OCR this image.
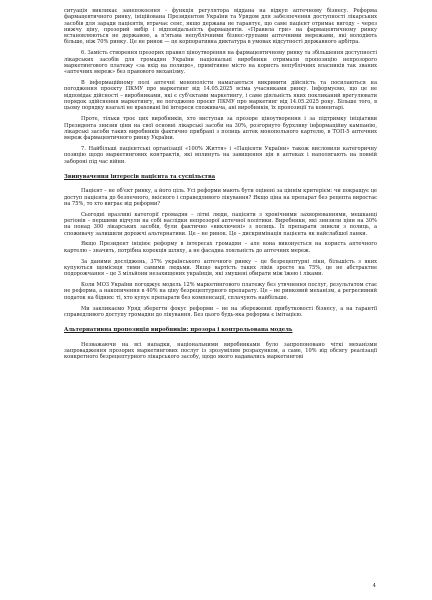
ситуація викликає занепокоєння - функція регулятора віддана на відкуп аптечному бізнесу. Реформа фармацевтичного ринку, ініційована Президентом України та Урядом для забезпечення доступності лікарських засобів для заради пацієнтів, втрачає сенс, якщо держава не гарантує, що саме пацієнт отримає вигоду – через нижчу ціну, прозорий вибір і відповідальність фармацевтів. «Правила гри» на фармацевтичному ринку встановлюються не державою, а п'ятьма непублічними бізнес-групами аптечними мережами, які володіють більше, ніж 70% ринку. Це не ринок — це корпоративна диктатура в умовах відсутності державного арбітра.

6. Замість створення прозорих правил ціноутворення на фармацевтичному ринку та збільшення доступності лікарських засобів для громадян України національні виробники отримали пропозицію непрозорого маркетингового платежу «за вхід на полицю», примітивне місто на користь непублічних власників так званих «аптечних мереж» без правового механізму.

В інформаційному полі аптечні монополісти намагаються викривити дійсність та посилаються на погодження проєкту ПКМУ про маркетинг від 14.05.2025 всіма учасниками ринку. Інформуємо, що це не відповідає дійсності – виробниками, які є суб'єктами маркетингу, і саме діяльність яких покликаний врегулювати порядок здійснення маркетингу, не погоджено проєкт ПКМУ про маркетинг від 14.05.2025 року. Більше того, в цьому порядку взагалі не враховані їні інтереси споживача, ані виробників, їх пропозиції та коментарі.

Проте, тільки троє цих виробників, хто виступав за прозоре ціноутворення і за підтримку ініціативи Президента знизив ціни на свої основні лікарські засоби на 30%, розгорнуто бурхливу інформаційну кампанію, лікарські засоби таких виробників фактично прибрані з полиць аптек монопольного картелю, в ТОП-5 аптечних мереж фармацевтичного ринку України.

7. Найбільші пацієнтські організації «100% Життя» і «Пацієнти України» також висловили категоричну позицію щодо маркетингових контрактів, які вплинуть на завищення цін в аптеках і наполягають на повній забороні під час війни.

Звинувачення інтересів пацієнта та суспільства

Пацієнт – не об'єкт ринку, а його ціль. Усі реформи мають бути оцінені за ціннім критерієм: чи покращує це доступ пацієнта до безпечного, якісного і справедливого лікування? Якщо ціна на препарат без рецепта виростає на 75%, то хто виграє від реформи?

Сьогодні вразливі категорії громадян – літні люди, пацієнти з хронічними захворюваннями, мешканці регіонів – першими відчули на собі наслідки непрозорої аптечної політики. Виробники, які знизили ціни на 30% на понад 300 лікарських засобів, були фактично «виключені» з полиць. Їх препарати зникли з полиць, а споживачу залишили дорожчі альтернативи. Це – не ринок. Це – дискримінація пацієнта як найслабшої ланки.

Якщо Президент ініціює реформу в інтересах громадян – але вона виконується на користь аптечного картелю – значить, потрібна корекція шляху, а не фасадна лояльність до аптечних мереж.

За даними досліджень, 37% українського аптечного ринку – це безрецептурні ліки, більшість з яких купуються щомісяця тими самими людьми. Якщо вартість таких ліків зросте на 75%, це не абстрактне подорожчання – це 3 мільйони незахищених українців, які змушені обирати між їжею і ліками.

Коли МОЗ України погоджує модель 12% маркетингового платежу без утвчнення послуг, результатом стає не реформа, а накопичення в 40% на ціну безрецептурного препарату. Це – не ринковий механізм, а регресивний податок на бідних: ті, хто купує препарати без компенсації, сплачують найбільше.

Ми закликаємо Уряд зберегти фокус реформи – не на збереженні прибутковості бізнесу, а на гарантії справедливого доступу громадян до лікування. Без цього будь-яка реформа є імітацією.

Альтернативна пропозиція виробників: прозора і контрольована модель

Незважаючи на всі нападки, національними виробниками було запропоновано чіткі механізми запровадження прозорих маркетингових послуг із зрозумілим розрахунком, а саме, 10% від обсягу реалізації конкретного безрецептурного лікарського засобу, щодо якого надавались маркетингові

4
